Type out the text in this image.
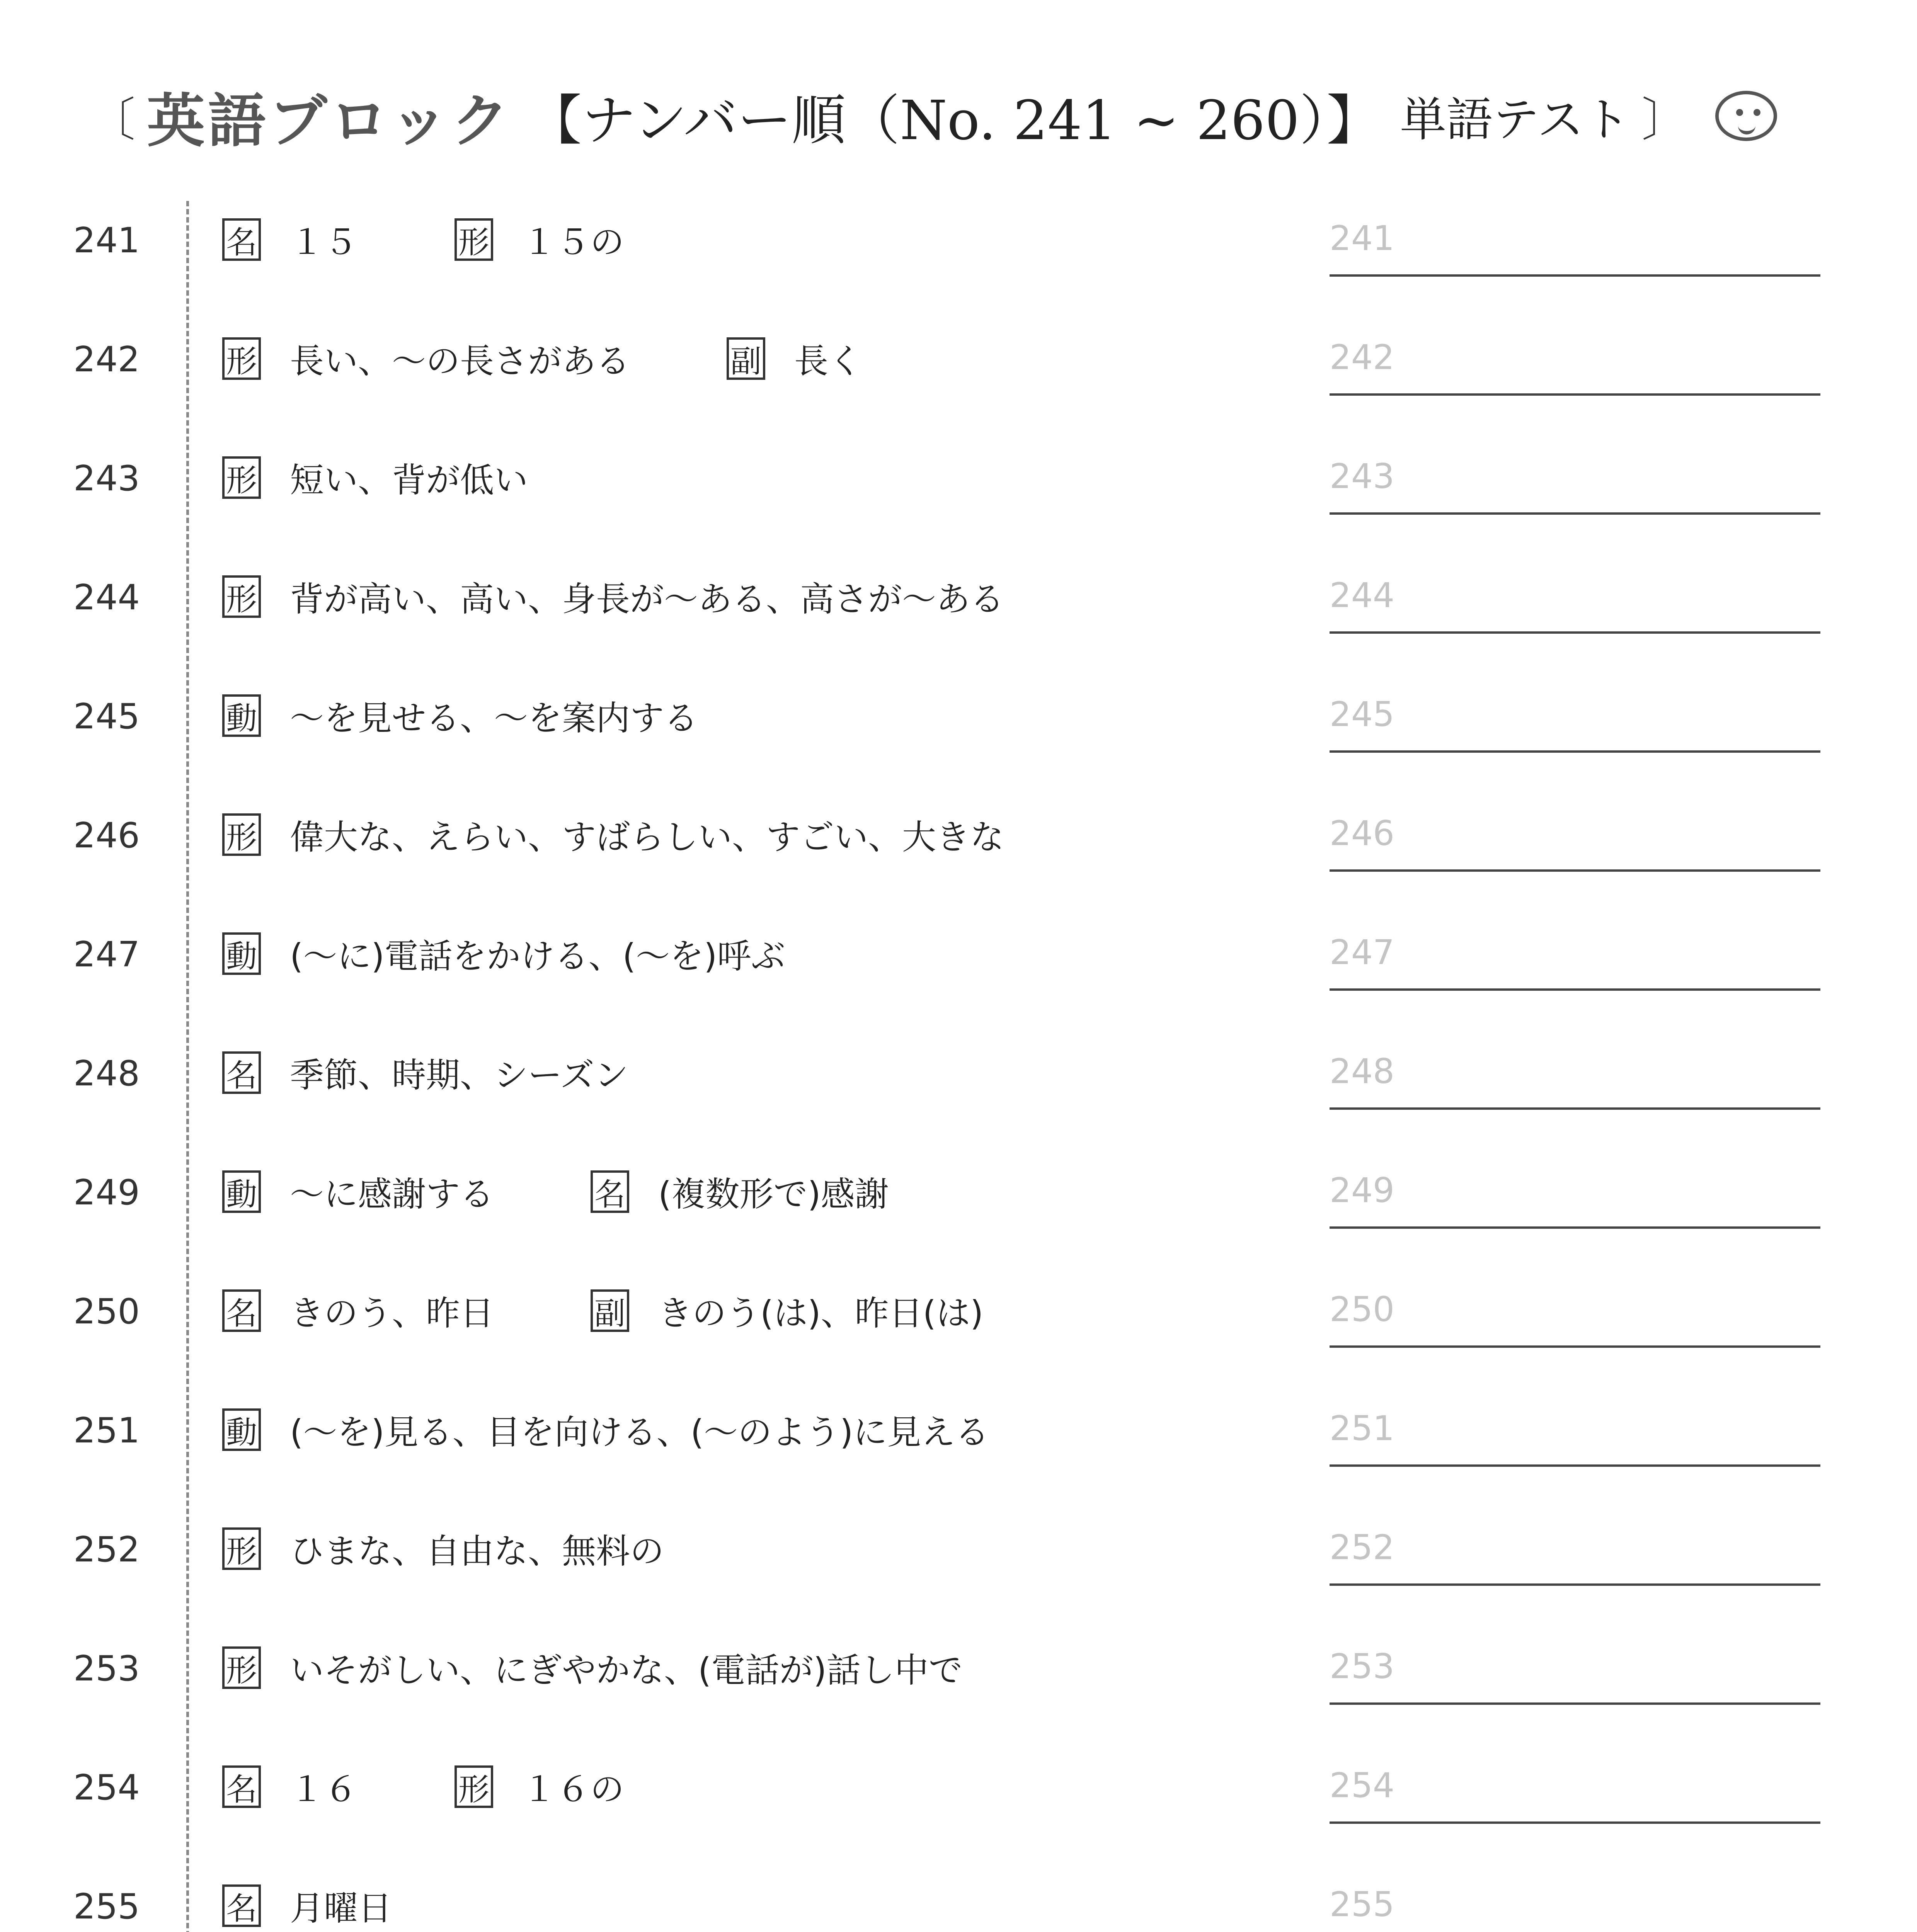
〔 英語ブロック 【ナンバー順（No. 241 ~ 260）】 単語テスト 〕
241	名 １５	形 １５の	241
242	形 長い、～の長さがある	副 長く	242
243	形 短い、背が低い	243
244	形 背が高い、高い、身長が～ある、高さが～ある	244
245	動 ～を見せる、～を案内する	245
246	形 偉大な、えらい、すばらしい、すごい、大きな	246
247	動 (～に)電話をかける、(～を)呼ぶ	247
248	名 季節、時期、シーズン	248
249	動 ～に感謝する	名 (複数形で)感謝	249
250	名 きのう、昨日	副 きのう(は)、昨日(は)	250
251	動 (～を)見る、目を向ける、(～のよう)に見える	251
252	形 ひまな、自由な、無料の	252
253	形 いそがしい、にぎやかな、(電話が)話し中で	253
254	名 １６	形 １６の	254
255	名 月曜日	255
